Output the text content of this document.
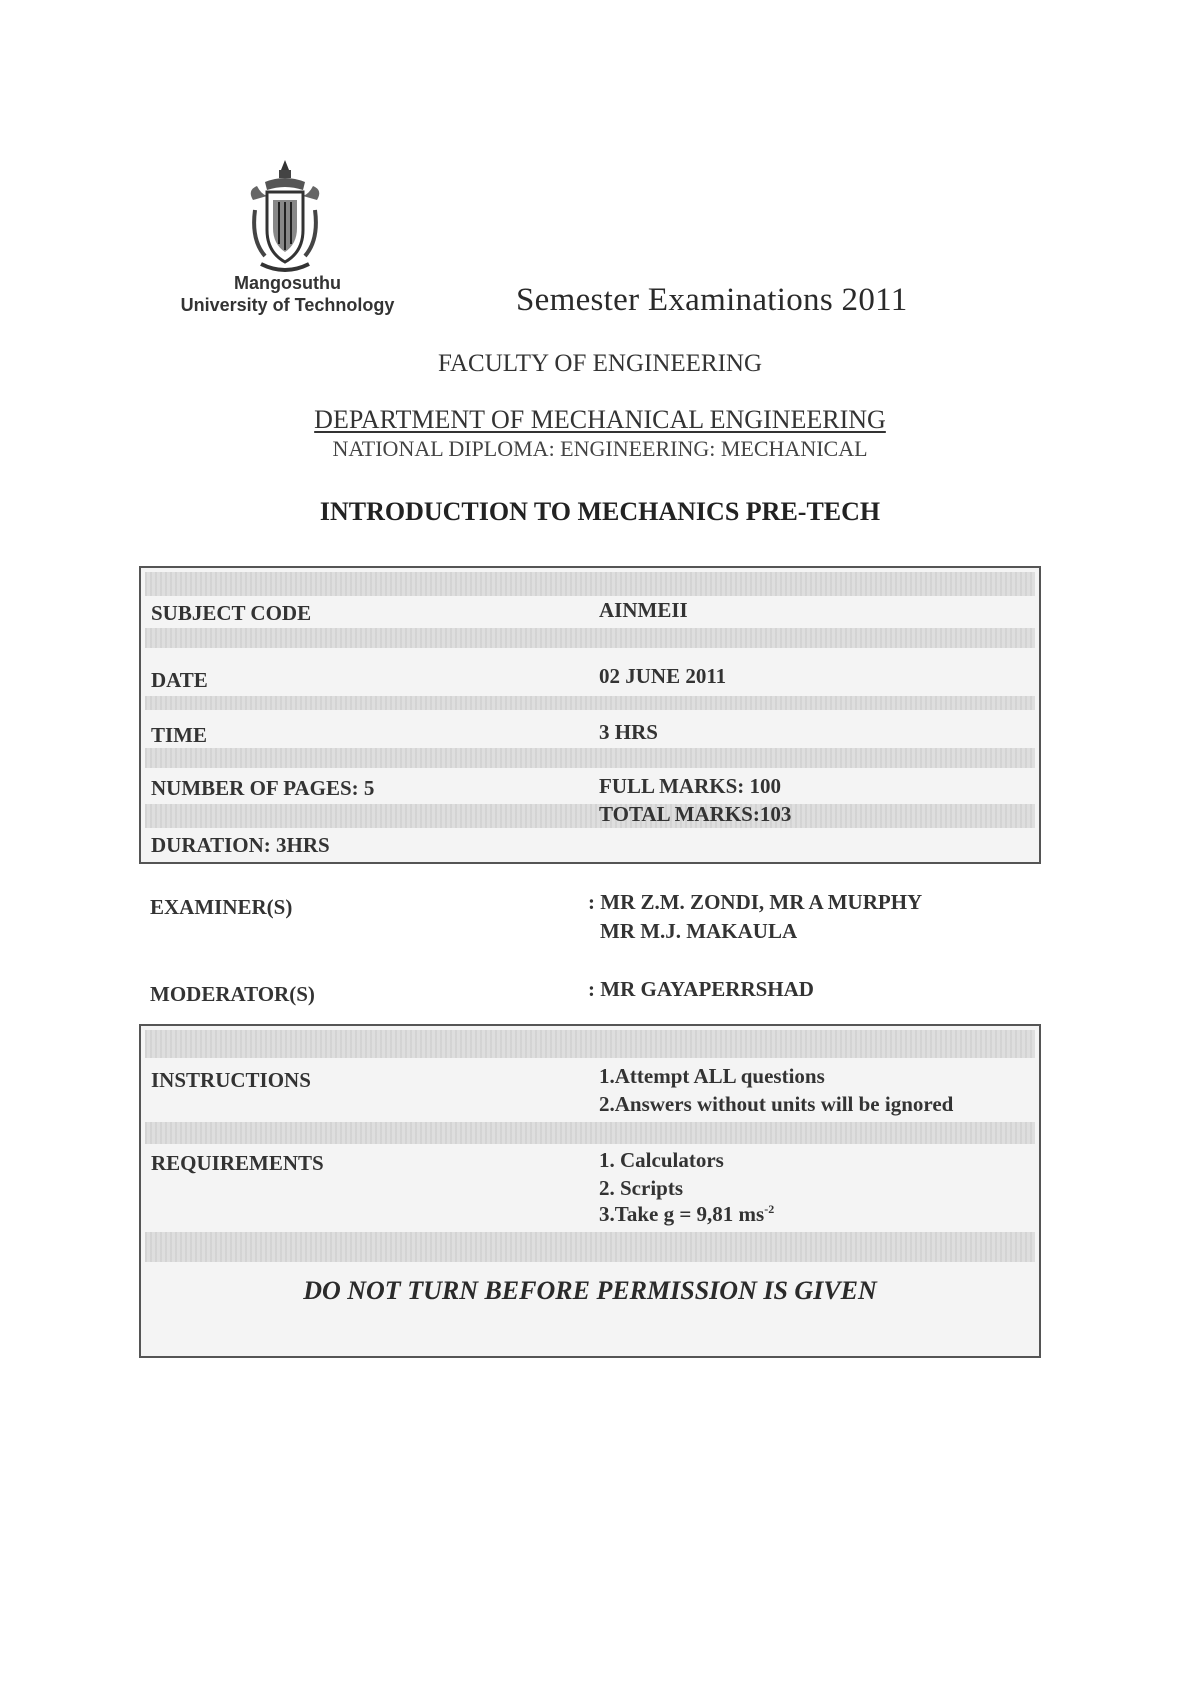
Mangosuthu
University of Technology	Semester Examinations 2011
FACULTY OF ENGINEERING
DEPARTMENT OF MECHANICAL ENGINEERING
NATIONAL DIPLOMA: ENGINEERING: MECHANICAL
INTRODUCTION TO MECHANICS PRE-TECH
SUBJECT CODE	AINMEII
DATE	02 JUNE 2011
TIME	3 HRS
NUMBER OF PAGES: 5	FULL MARKS: 100
TOTAL MARKS:103
DURATION: 3HRS
EXAMINER(S)	: MR Z.M. ZONDI, MR A MURPHY
MR M.J. MAKAULA
MODERATOR(S)	: MR GAYAPERRSHAD
INSTRUCTIONS	1.Attempt ALL questions
2.Answers without units will be ignored
REQUIREMENTS	1. Calculators
2. Scripts
3.Take g = 9,81 $ms^{-2}$
DO NOT TURN BEFORE PERMISSION IS GIVEN
